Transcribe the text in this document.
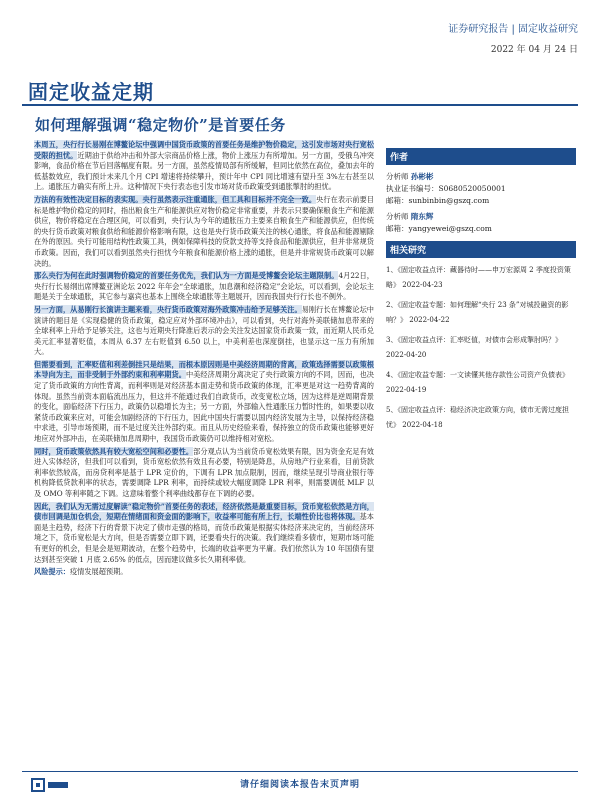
证券研究报告 | 固定收益研究
2022 年 04 月 24 日
固定收益定期
如何理解强调“稳定物价”是首要任务

本周五，央行行长易刚在博鳌论坛中强调中国货币政策的首要任务是维护物价稳定，这引发市场对央行宽松受限的担忧。近期油于供给冲击和外部大宗商品价格上涨，物价上涨压力有所增加。另一方面，受俄乌冲突影响，食品价格在节后回落幅度有限。另一方面，虽然疫情局部有所缓解，但同比依然在高位，叠加去年的低基数效应，我们预计未来几个月 CPI 增速将持续攀升，预计年中 CPI 同比增速有望升至 3%左右甚至以上。通胀压力确实有所上升。这种情况下央行表态也引发市场对货币政策受到通胀掣肘的担忧。

方法的有效性决定目标的表实现。央行虽然表示注重通胀，但工具和目标并不完全一致。央行在表示前要目标是维护物价稳定的同时，指出粮食生产和能源供应对物价稳定非常重要，并表示只要确保粮食生产和能源供应，物价将稳定在合理区间，可以看到，央行认为今年的通胀压力主要来自粮食生产和能源供应，但传统的央行货币政策对粮食供给和能源价格影响有限，这也是央行货币政策关注的核心通胀，将食品和能源剔除在外的原因。央行可能用结构性政策工具，例如保障科技的贷款支持等支持食品和能源供应，但并非常规货币政策。因而，我们可以看到虽然央行担忧今年粮食和能源价格上涨的通胀，但是并非常规货币政策可以解决的。

那么央行为何在此时强调物价稳定的首要任务优先，我们认为一方面是受博鳌会论坛主题限制。4月22日，央行行长易纲出席博鳌亚洲论坛 2022 年年会“全球通胀，加息潮和经济稳定”会论坛，可以看到，会论坛主题是关于全球通胀，其它参与嘉宾也基本上围绕全球通胀等主题展开，因而我国央行行长也不例外。

另一方面，从易刚行长演讲主题来看，央行货币政策对海外政策冲击给予足够关注。易刚行长在博鳌论坛中演讲的题目是《实现稳健的货币政策，稳定应对外部环境冲击》，可以看到，央行对海外美联储加息带来的全球利率上升给予足够关注，这也与近期央行降准后表示的会关注发达国家货币政策一致，而近期人民币兑美元汇率显著贬值，本周从 6.37 左右贬值到 6.50 以上，中美利差也深度倒挂，也显示这一压力有所加大。

但需要看到，汇率贬值和利差倒挂只是结果，而根本原因则是中美经济周期的背离，政策选择需要以政策根本导向为主，而非受制于外部约束和利率期货。中美经济周期分离决定了央行政策方向的不同，因而，也决定了货币政策的方向性背离，而利率则是对经济基本面走势和货币政策的体现，汇率更是对这一趋势背离的体现。虽然当前资本面临流出压力，但这并不能通过我们自政货币，改变宽松立场，因为这样是逆周期背景的变化，面临经济下行压力，政策仍以稳增长为主；另一方面，外部输入性通胀压力暂时性的，如果要以收紧货币政策来应对，可能会加剧经济的下行压力，因此中国央行需要以国内经济发展为主导，以保持经济稳中求进，引导市场预期，而不是过度关注外部约束。而且从历史经验来看，保持独立的货币政策也能够更好地应对外部冲击，在美联储加息周期中，我国货币政策仍可以维持相对宽松。

同时，货币政策依然具有较大宽松空间和必要性。部分观点认为当前货币宽松效果有限，因为资金充足有效进入实体经济，但我们可以看到，货币宽松依然有效且有必要，特别是降息，从房地产行业来看，目前贷款利率依然较高，而房贷利率是基于 LPR 定价的，下调有 LPR 加点限制，因而，继续呈现引导商业银行等机构降低贷款利率的状态，需要调降 LPR 利率，而持续或较大幅度调降 LPR 利率，则需要调低 MLF 以及 OMO 等利率随之下调。这意味着整个利率曲线都存在下调的必要。

因此，我们认为无需过度解读“稳定物价”首要任务的表述，经济依然是最重要目标，货币宽松依然是方向，债市回调是加仓机会，短期在情绪面和资金面的影响下，收益率可能有所上行，长端性价比也将体现。基本面是主趋势，经济下行的背景下决定了债市走强的格局，而货币政策是根据实体经济来决定的，当前经济环境之下，货币宽松是大方向，但是否需要立即下调，还要看央行的决策。我们继续看多债市，短期市场可能有更好的机会，但是会是短期波动，在整个趋势中，长端的收益率更为平庸。我们依然认为 10 年国债有望达到甚至突破 1 月底 2.65% 的低点，因而建议做多长久期利率债。

风险提示：疫情发展超预期。

作者
分析师 孙彬彬
执业证书编号：S0680520050001
邮箱：sunbinbin@gszq.com
分析师 隋东辉
邮箱：yangyewei@gszq.com
相关研究
1、《固定收益点评：藏器待时——申万宏源周 2 季度投资策略》 2022-04-23
2、《固定收益专题：如何理解“央行 23 条”对城投融资的影响？》 2022-04-22
3、《固定收益点评：汇率贬值，对债市会形成掣肘吗？》 2022-04-20
4、《固定收益专题：一文读懂其他存款性公司资产负债表》 2022-04-19
5、《固定收益点评：稳经济决定政策方向，债市无需过度担忧》 2022-04-18
请仔细阅读本报告末页声明
